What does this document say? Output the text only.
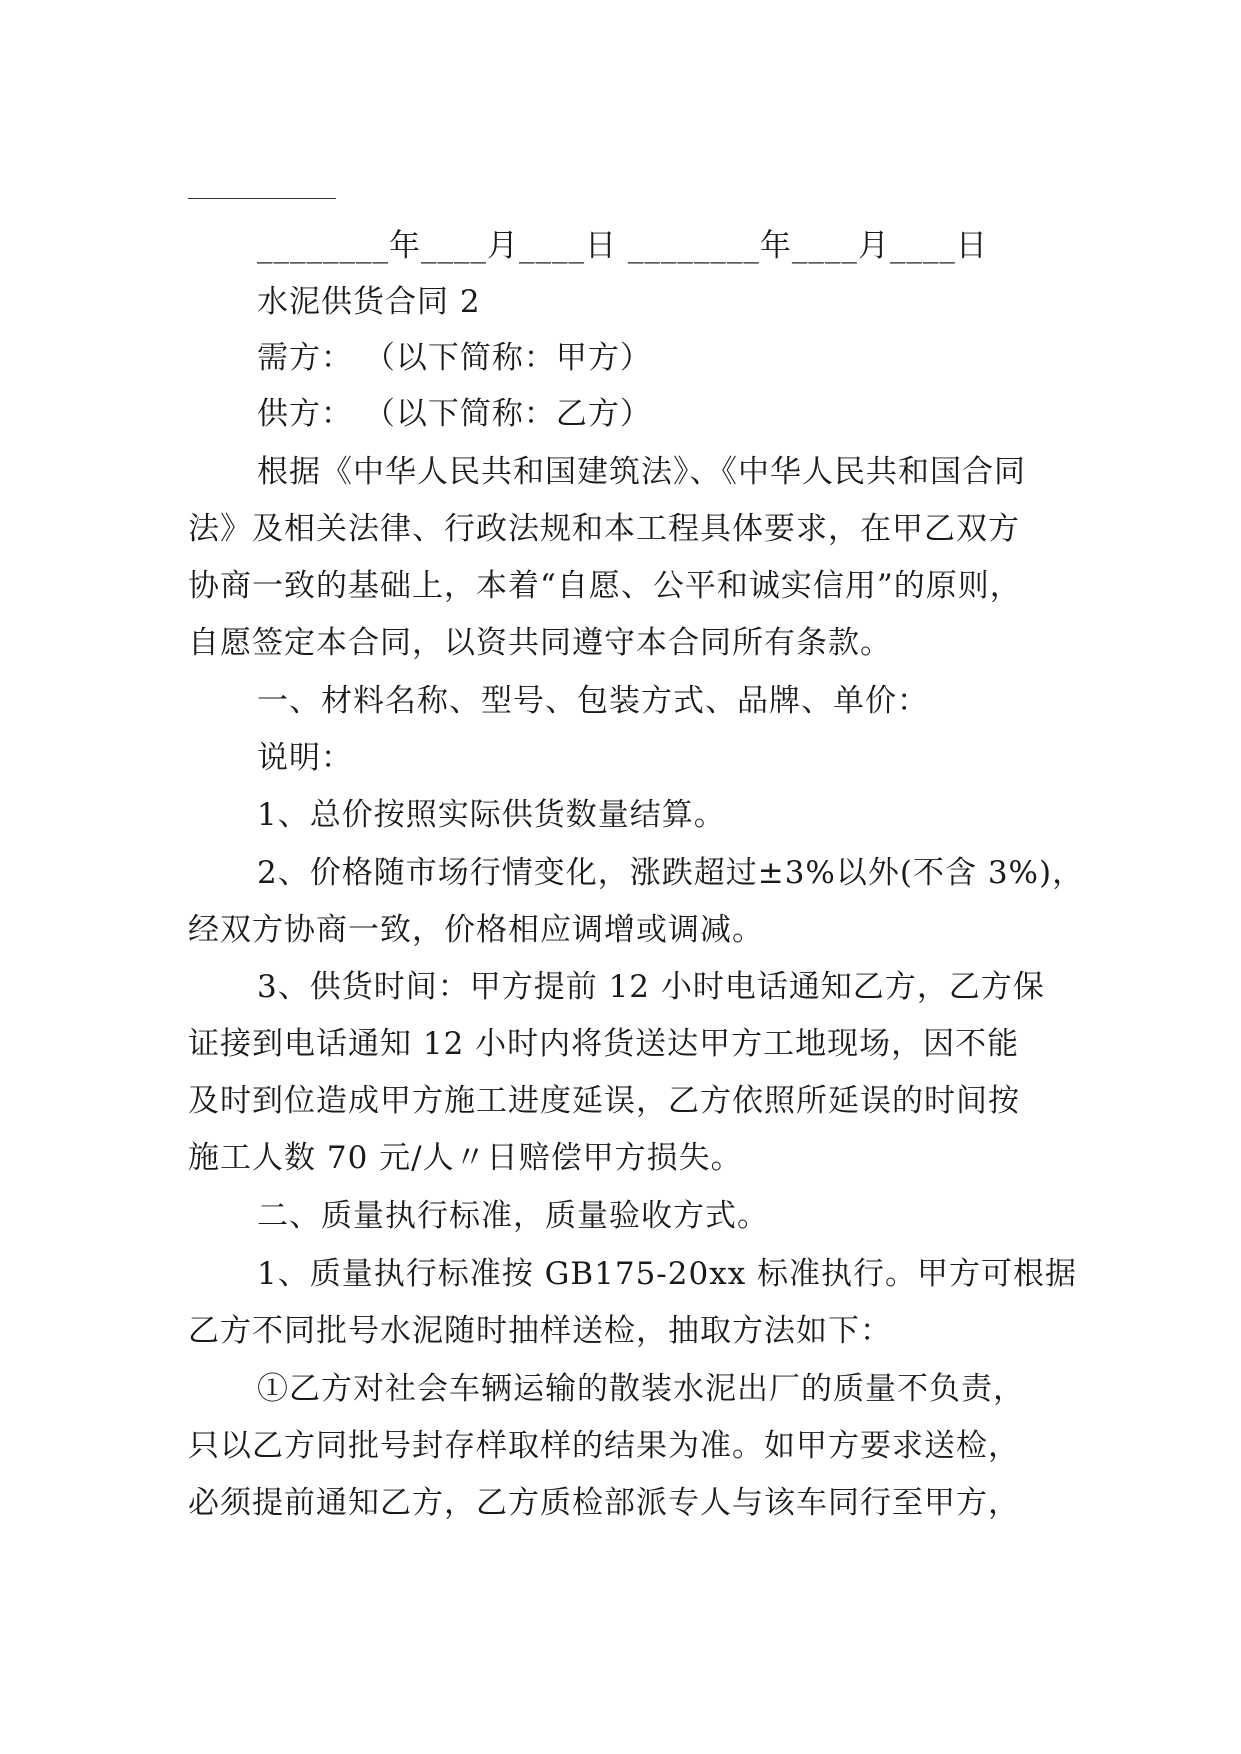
________年____月____日 ________年____月____日
水泥供货合同 2
需方： （以下简称：甲方）
供方： （以下简称：乙方）
根据《中华人民共和国建筑法》、《中华人民共和国合同
法》及相关法律、行政法规和本工程具体要求，在甲乙双方
协商一致的基础上，本着“自愿、公平和诚实信用”的原则，
自愿签定本合同，以资共同遵守本合同所有条款。
一、材料名称、型号、包装方式、品牌、单价：
说明：
1、总价按照实际供货数量结算。
2、价格随市场行情变化，涨跌超过±3%以外(不含 3%)，
经双方协商一致，价格相应调增或调减。
3、供货时间：甲方提前 12 小时电话通知乙方，乙方保
证接到电话通知 12 小时内将货送达甲方工地现场，因不能
及时到位造成甲方施工进度延误，乙方依照所延误的时间按
施工人数 70 元/人〃日赔偿甲方损失。
二、质量执行标准，质量验收方式。
1、质量执行标准按 GB175-20xx 标准执行。甲方可根据
乙方不同批号水泥随时抽样送检，抽取方法如下：
①乙方对社会车辆运输的散装水泥出厂的质量不负责，
只以乙方同批号封存样取样的结果为准。如甲方要求送检，
必须提前通知乙方，乙方质检部派专人与该车同行至甲方，
